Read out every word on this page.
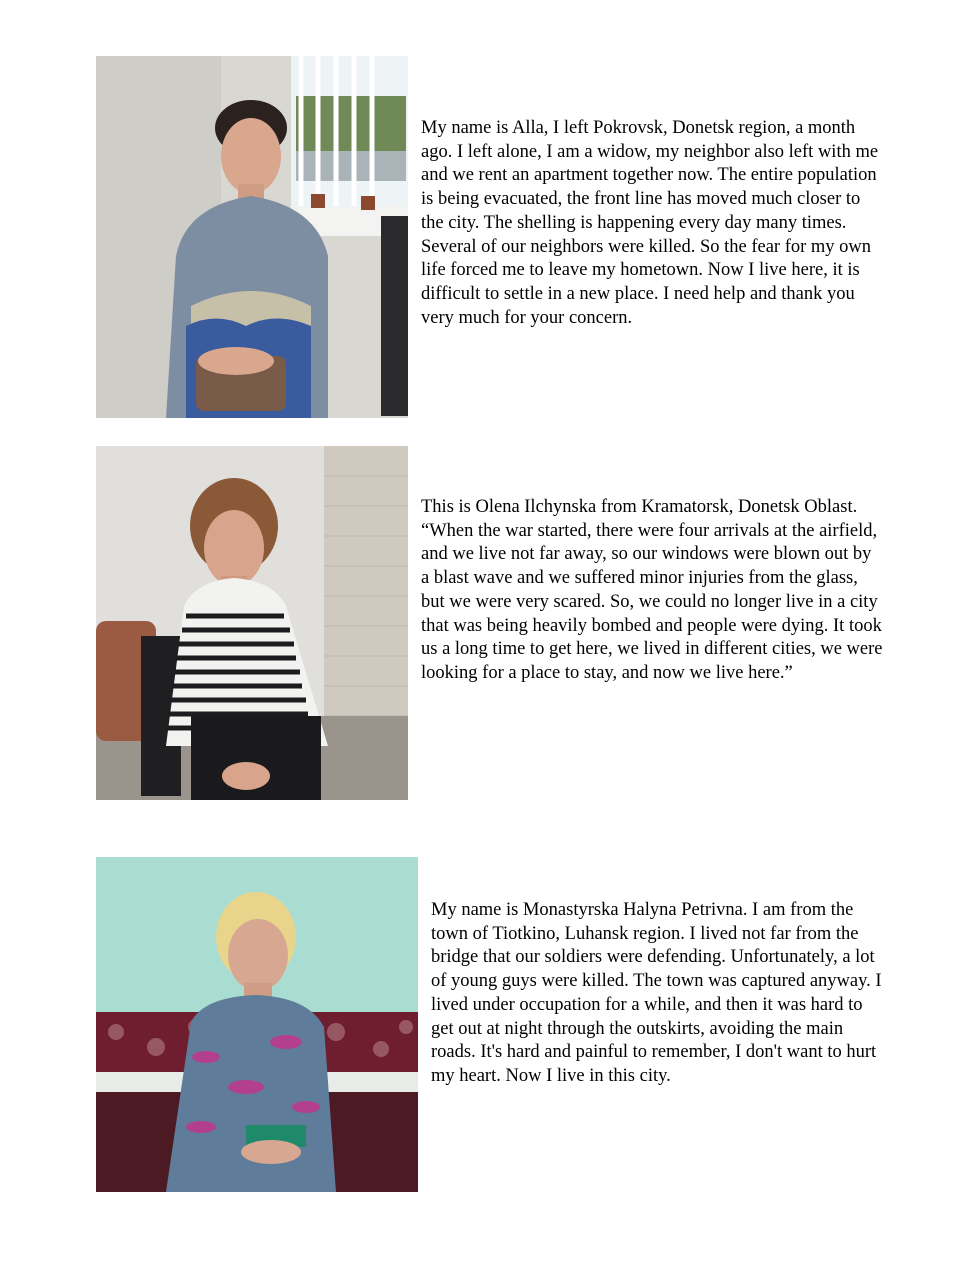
My name is Alla, I left Pokrovsk, Donetsk region, a month ago. I left alone, I am a widow, my neighbor also left with me and we rent an apartment together now. The entire population is being evacuated, the front line has moved much closer to the city. The shelling is happening every day many times. Several of our neighbors were killed. So the fear for my own life forced me to leave my hometown. Now I live here, it is difficult to settle in a new place. I need help and thank you very much for your concern.

This is Olena Ilchynska from Kramatorsk, Donetsk Oblast. “When the war started, there were four arrivals at the airfield, and we live not far away, so our windows were blown out by a blast wave and we suffered minor injuries from the glass, but we were very scared. So, we could no longer live in a city that was being heavily bombed and people were dying. It took us a long time to get here, we lived in different cities, we were looking for a place to stay, and now we live here.”

My name is Monastyrska Halyna Petrivna. I am from the town of Tiotkino, Luhansk region. I lived not far from the bridge that our soldiers were defending. Unfortunately, a lot of young guys were killed. The town was captured anyway. I lived under occupation for a while, and then it was hard to get out at night through the outskirts, avoiding the main roads. It's hard and painful to remember, I don't want to hurt my heart. Now I live in this city.
